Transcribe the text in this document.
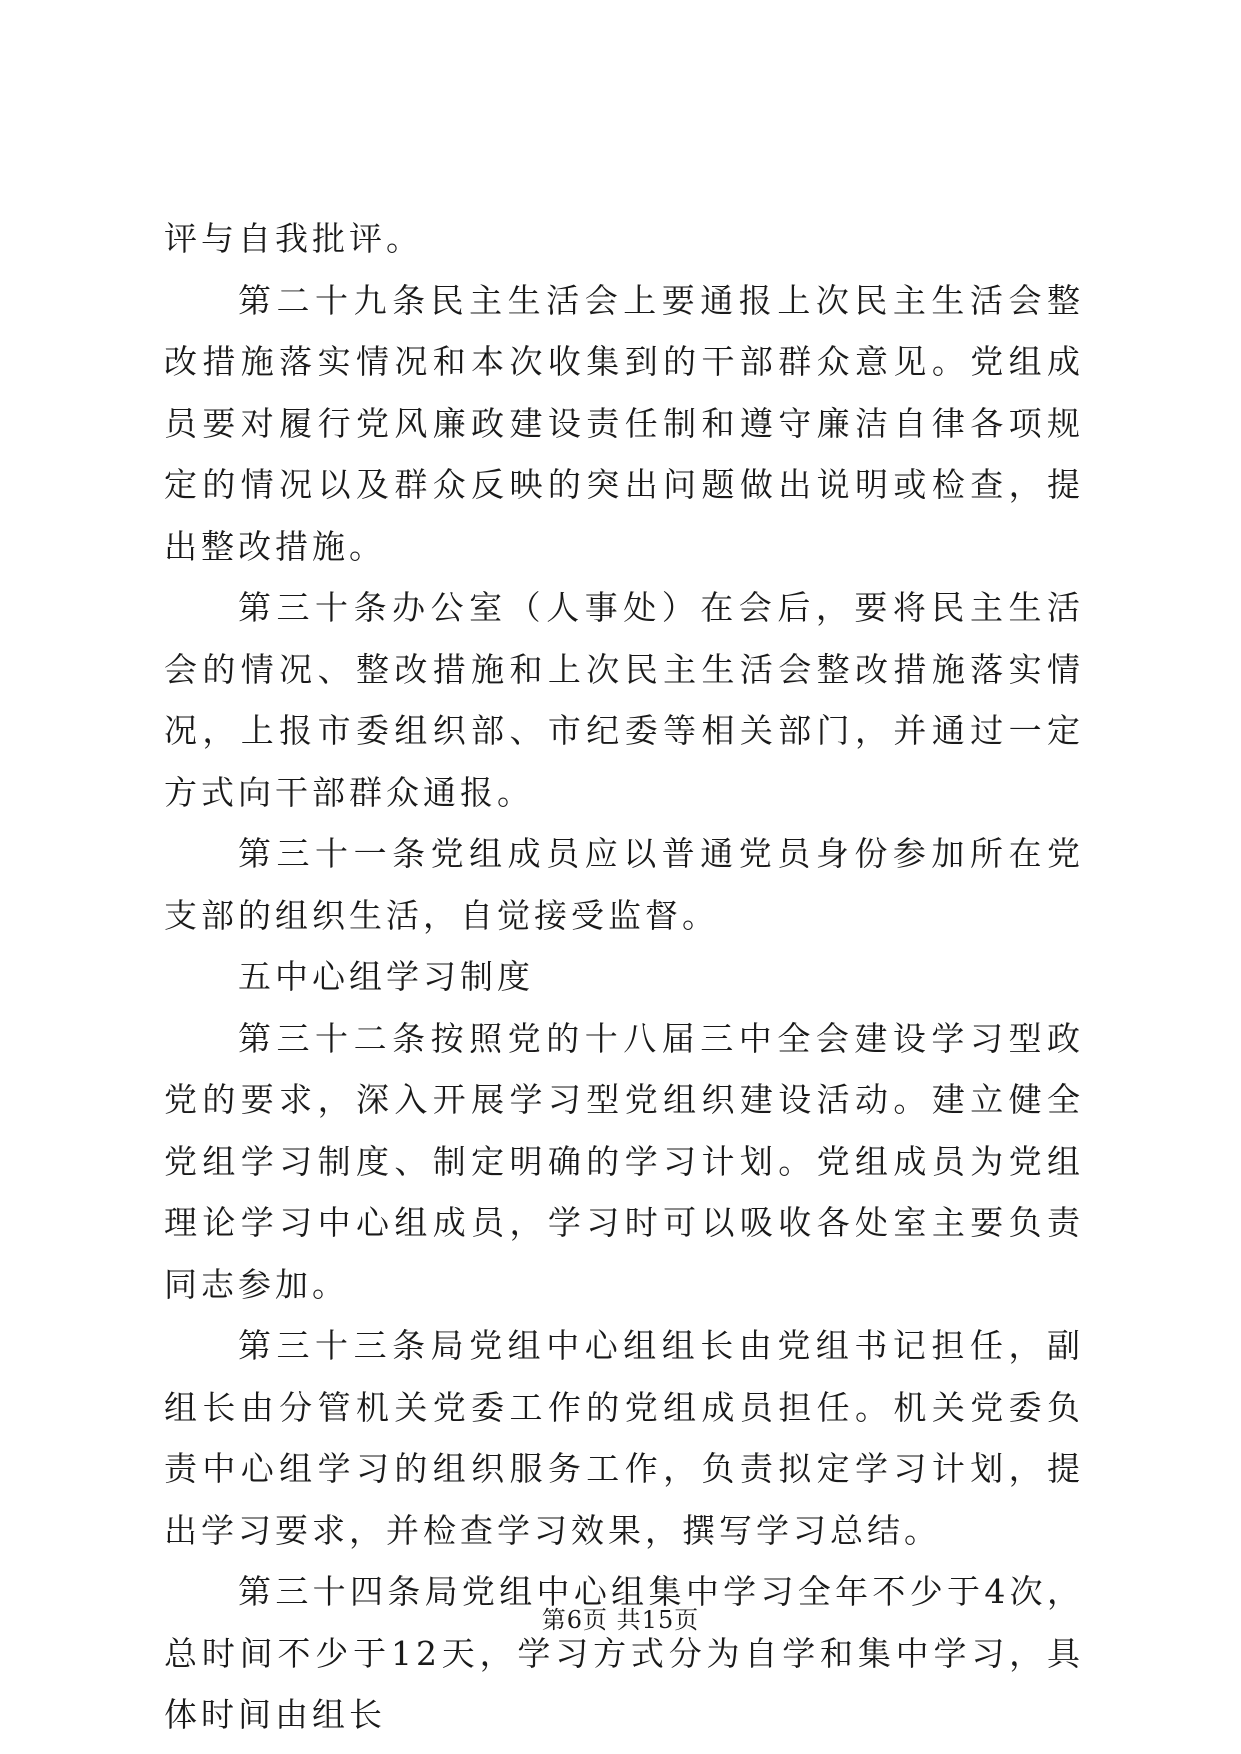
评与自我批评。

第二十九条民主生活会上要通报上次民主生活会整改措施落实情况和本次收集到的干部群众意见。党组成员要对履行党风廉政建设责任制和遵守廉洁自律各项规定的情况以及群众反映的突出问题做出说明或检查，提出整改措施。

第三十条办公室（人事处）在会后，要将民主生活会的情况、整改措施和上次民主生活会整改措施落实情况，上报市委组织部、市纪委等相关部门，并通过一定方式向干部群众通报。

第三十一条党组成员应以普通党员身份参加所在党支部的组织生活，自觉接受监督。

五中心组学习制度

第三十二条按照党的十八届三中全会建设学习型政党的要求，深入开展学习型党组织建设活动。建立健全党组学习制度、制定明确的学习计划。党组成员为党组理论学习中心组成员，学习时可以吸收各处室主要负责同志参加。

第三十三条局党组中心组组长由党组书记担任，副组长由分管机关党委工作的党组成员担任。机关党委负责中心组学习的组织服务工作，负责拟定学习计划，提出学习要求，并检查学习效果，撰写学习总结。

第三十四条局党组中心组集中学习全年不少于4次，总时间不少于12天，学习方式分为自学和集中学习，具体时间由组长

第6页 共15页
